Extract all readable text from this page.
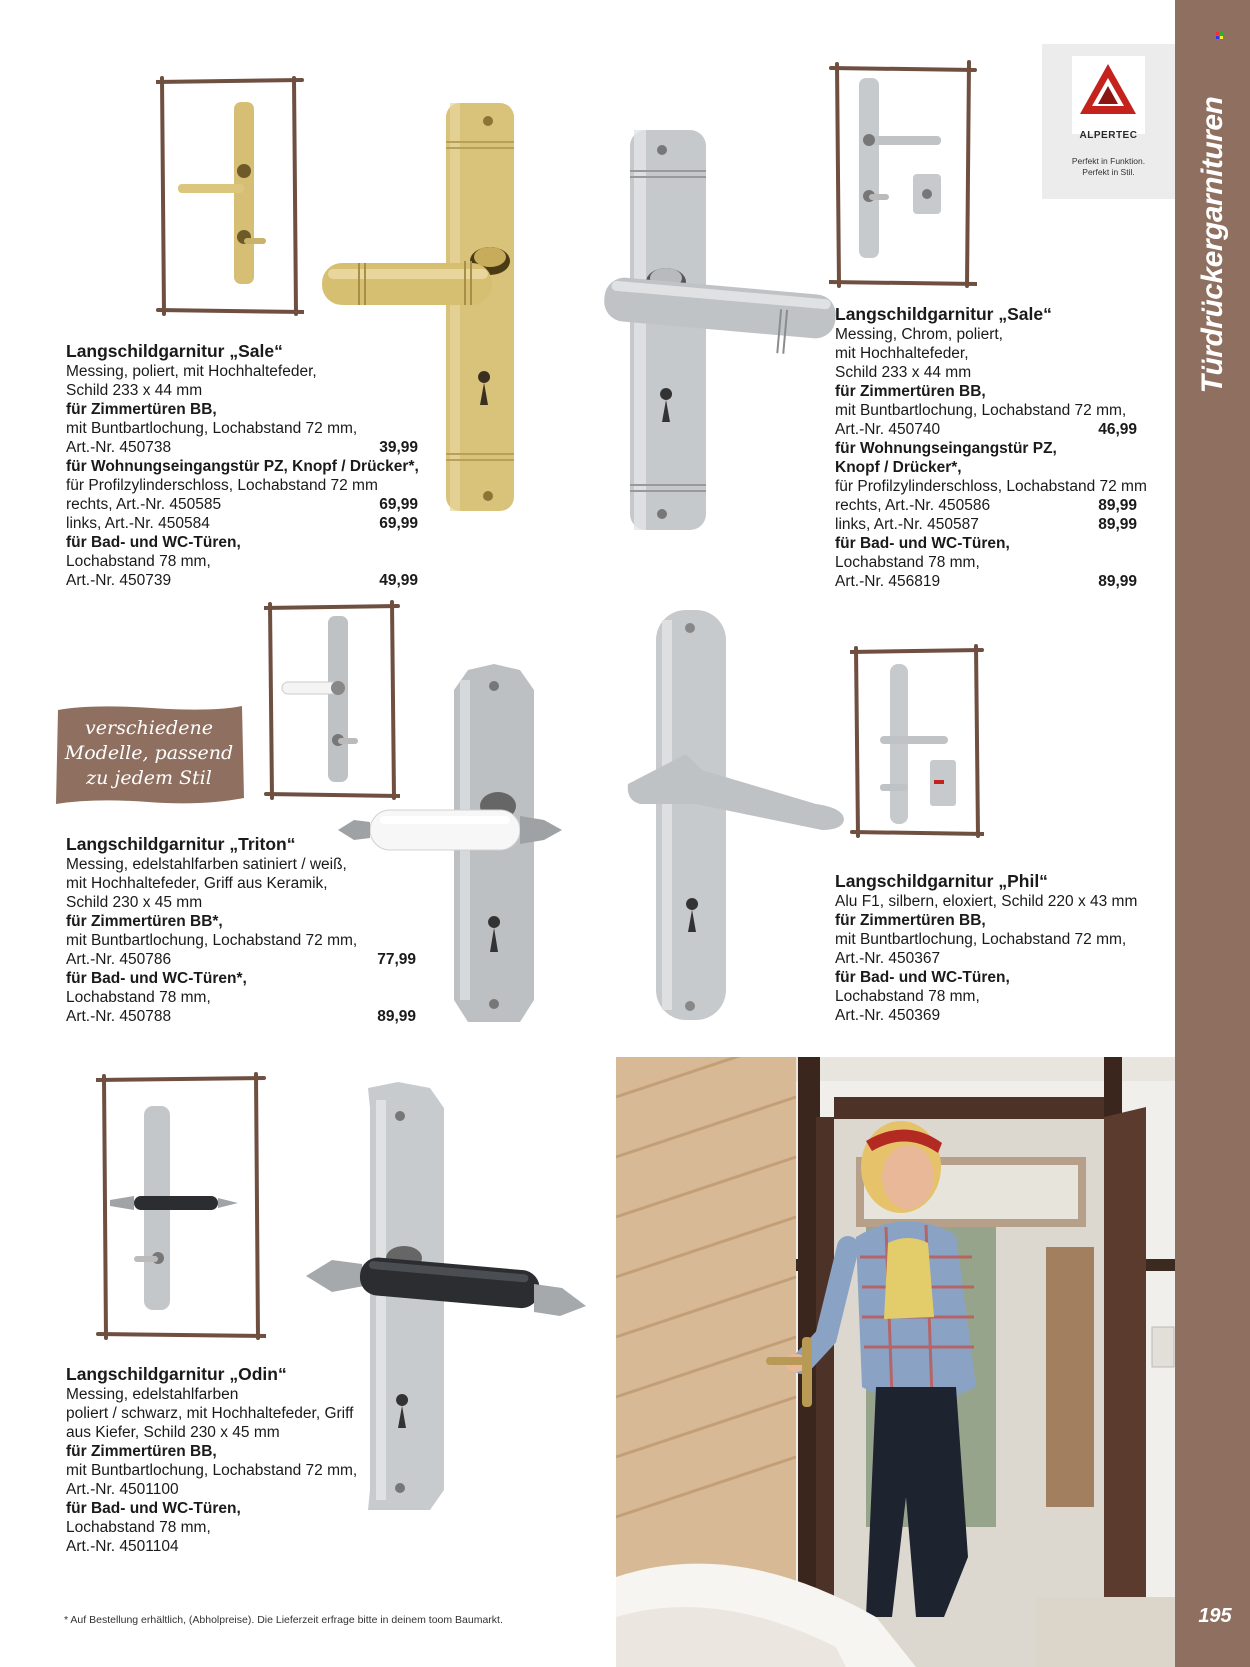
Türdrückergarnituren
195
ALPERTEC
Perfekt in Funktion.
Perfekt in Stil.
Langschildgarnitur „Sale“
Messing, poliert, mit Hochhaltefeder,
Schild 233 x 44 mm
für Zimmertüren BB,
mit Buntbartlochung, Lochabstand 72 mm,
Art.-Nr. 450738	39,99
für Wohnungseingangstür PZ, Knopf / Drücker*,
für Profilzylinderschloss, Lochabstand 72 mm
rechts, Art.-Nr. 450585	69,99
links, Art.-Nr. 450584	69,99
für Bad- und WC-Türen,
Lochabstand 78 mm,
Art.-Nr. 450739	49,99
Langschildgarnitur „Sale“
Messing, Chrom, poliert,
mit Hochhaltefeder,
Schild 233 x 44 mm
für Zimmertüren BB,
mit Buntbartlochung, Lochabstand 72 mm,
Art.-Nr. 450740	46,99
für Wohnungseingangstür PZ,
Knopf / Drücker*,
für Profilzylinderschloss, Lochabstand 72 mm
rechts, Art.-Nr. 450586	89,99
links, Art.-Nr. 450587	89,99
für Bad- und WC-Türen,
Lochabstand 78 mm,
Art.-Nr. 456819	89,99
verschiedene
Modelle, passend
zu jedem Stil
Langschildgarnitur „Triton“
Messing, edelstahlfarben satiniert / weiß,
mit Hochhaltefeder, Griff aus Keramik,
Schild 230 x 45 mm
für Zimmertüren BB*,
mit Buntbartlochung, Lochabstand 72 mm,
Art.-Nr. 450786	77,99
für Bad- und WC-Türen*,
Lochabstand 78 mm,
Art.-Nr. 450788	89,99
Langschildgarnitur „Phil“
Alu F1, silbern, eloxiert, Schild 220 x 43 mm
für Zimmertüren BB,
mit Buntbartlochung, Lochabstand 72 mm,
Art.-Nr. 450367
für Bad- und WC-Türen,
Lochabstand 78 mm,
Art.-Nr. 450369
Langschildgarnitur „Odin“
Messing, edelstahlfarben
poliert / schwarz, mit Hochhaltefeder, Griff
aus Kiefer, Schild 230 x 45 mm
für Zimmertüren BB,
mit Buntbartlochung, Lochabstand 72 mm,
Art.-Nr. 4501100
für Bad- und WC-Türen,
Lochabstand 78 mm,
Art.-Nr. 4501104
* Auf Bestellung erhältlich, (Abholpreise). Die Lieferzeit erfrage bitte in deinem toom Baumarkt.
